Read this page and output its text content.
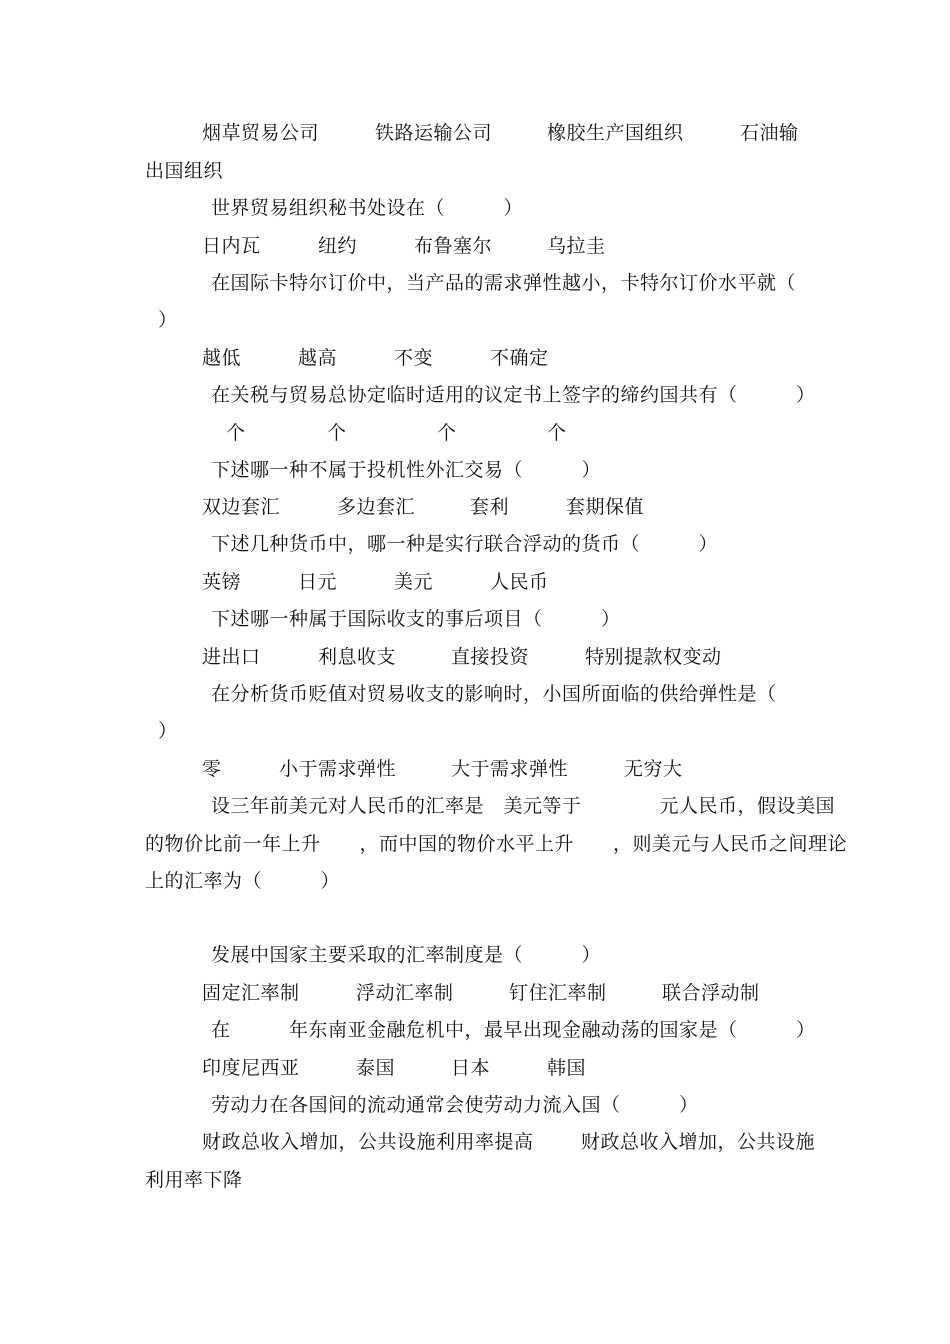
烟草贸易公司	铁路运输公司	橡胶生产国组织	石油输
出国组织
世界贸易组织秘书处设在（　　　）
日内瓦	纽约	布鲁塞尔	乌拉圭
在国际卡特尔订价中，当产品的需求弹性越小，卡特尔订价水平就（
）
越低	越高	不变	不确定
在关税与贸易总协定临时适用的议定书上签字的缔约国共有（　　　）
个	个	个	个
下述哪一种不属于投机性外汇交易（　　　）
双边套汇	多边套汇	套利	套期保值
下述几种货币中，哪一种是实行联合浮动的货币（　　　）
英镑	日元	美元	人民币
下述哪一种属于国际收支的事后项目（　　　）
进出口	利息收支	直接投资	特别提款权变动
在分析货币贬值对贸易收支的影响时，小国所面临的供给弹性是（
）
零	小于需求弹性	大于需求弹性	无穷大
设三年前美元对人民币的汇率是　美元等于　　　　元人民币，假设美国
的物价比前一年上升　　，而中国的物价水平上升　　，则美元与人民币之间理论
上的汇率为（　　　）
发展中国家主要采取的汇率制度是（　　　）
固定汇率制	浮动汇率制	钉住汇率制	联合浮动制
在　　　年东南亚金融危机中，最早出现金融动荡的国家是（　　　）
印度尼西亚	泰国	日本	韩国
劳动力在各国间的流动通常会使劳动力流入国（　　　）
财政总收入增加，公共设施利用率提高 财政总收入增加，公共设施
利用率下降
